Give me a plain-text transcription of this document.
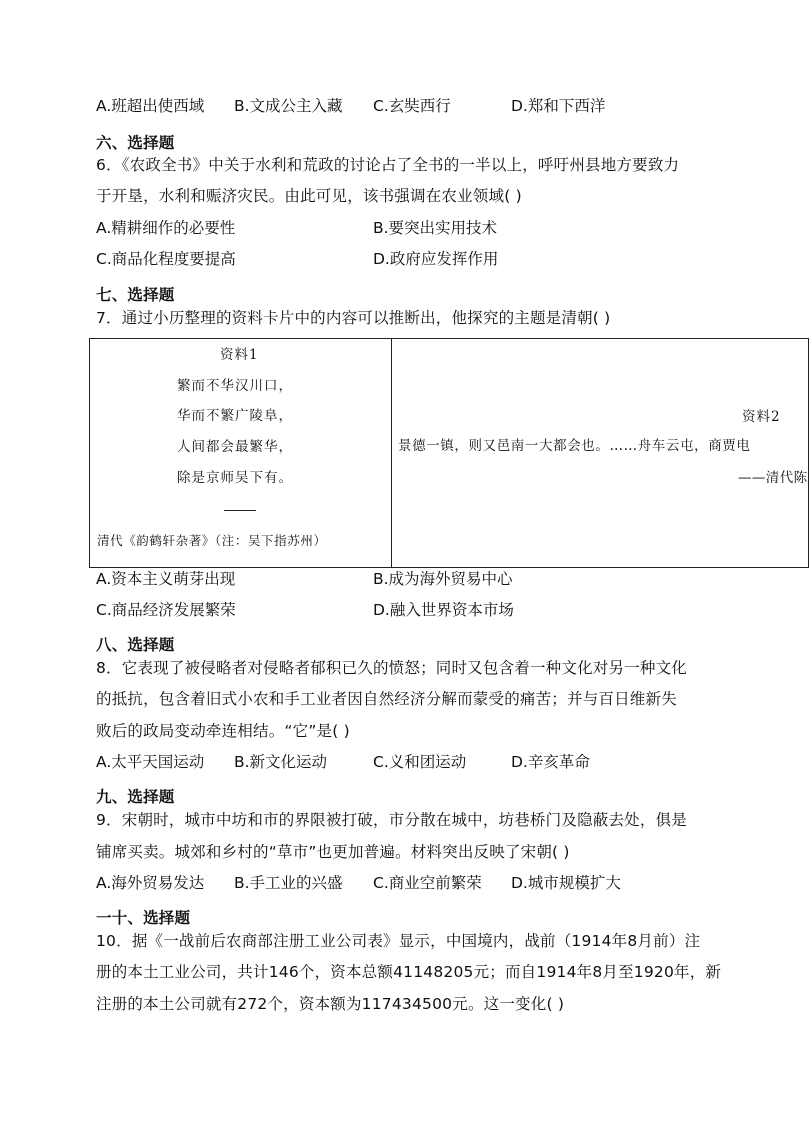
A.班超出使西域 B.文成公主入藏 C.玄奘西行	D.郑和下西洋
六、选择题
6．《农政全书》中关于水利和荒政的讨论占了全书的一半以上，呼吁州县地方要致力
于开垦，水利和赈济灾民。由此可见，该书强调在农业领域( )
A.精耕细作的必要性	B.要突出实用技术
C.商品化程度要提高	D.政府应发挥作用
七、选择题
7．通过小历整理的资料卡片中的内容可以推断出，他探究的主题是清朝( )
资料1
繁而不华汉川口，
华而不繁广陵阜，
人间都会最繁华，
除是京师吴下有。
清代《韵鹤轩杂著》（注：吴下指苏州）
资料2
景德一镇，则又邑南一大都会也。……舟车云屯，商贾电
——清代陈
A.资本主义萌芽出现	B.成为海外贸易中心
C.商品经济发展繁荣	D.融入世界资本市场
八、选择题
8．它表现了被侵略者对侵略者郁积已久的愤怒；同时又包含着一种文化对另一种文化
的抵抗，包含着旧式小农和手工业者因自然经济分解而蒙受的痛苦；并与百日维新失
败后的政局变动牵连相结。“它”是( )
A.太平天国运动 B.新文化运动	C.义和团运动	D.辛亥革命
九、选择题
9．宋朝时，城市中坊和市的界限被打破，市分散在城中，坊巷桥门及隐蔽去处，俱是
铺席买卖。城郊和乡村的“草市”也更加普遍。材料突出反映了宋朝( )
A.海外贸易发达 B.手工业的兴盛 C.商业空前繁荣 D.城市规模扩大
一十、选择题
10．据《一战前后农商部注册工业公司表》显示，中国境内，战前（1914年8月前）注
册的本土工业公司，共计146个，资本总额41148205元；而自1914年8月至1920年，新
注册的本土公司就有272个，资本额为117434500元。这一变化( )
